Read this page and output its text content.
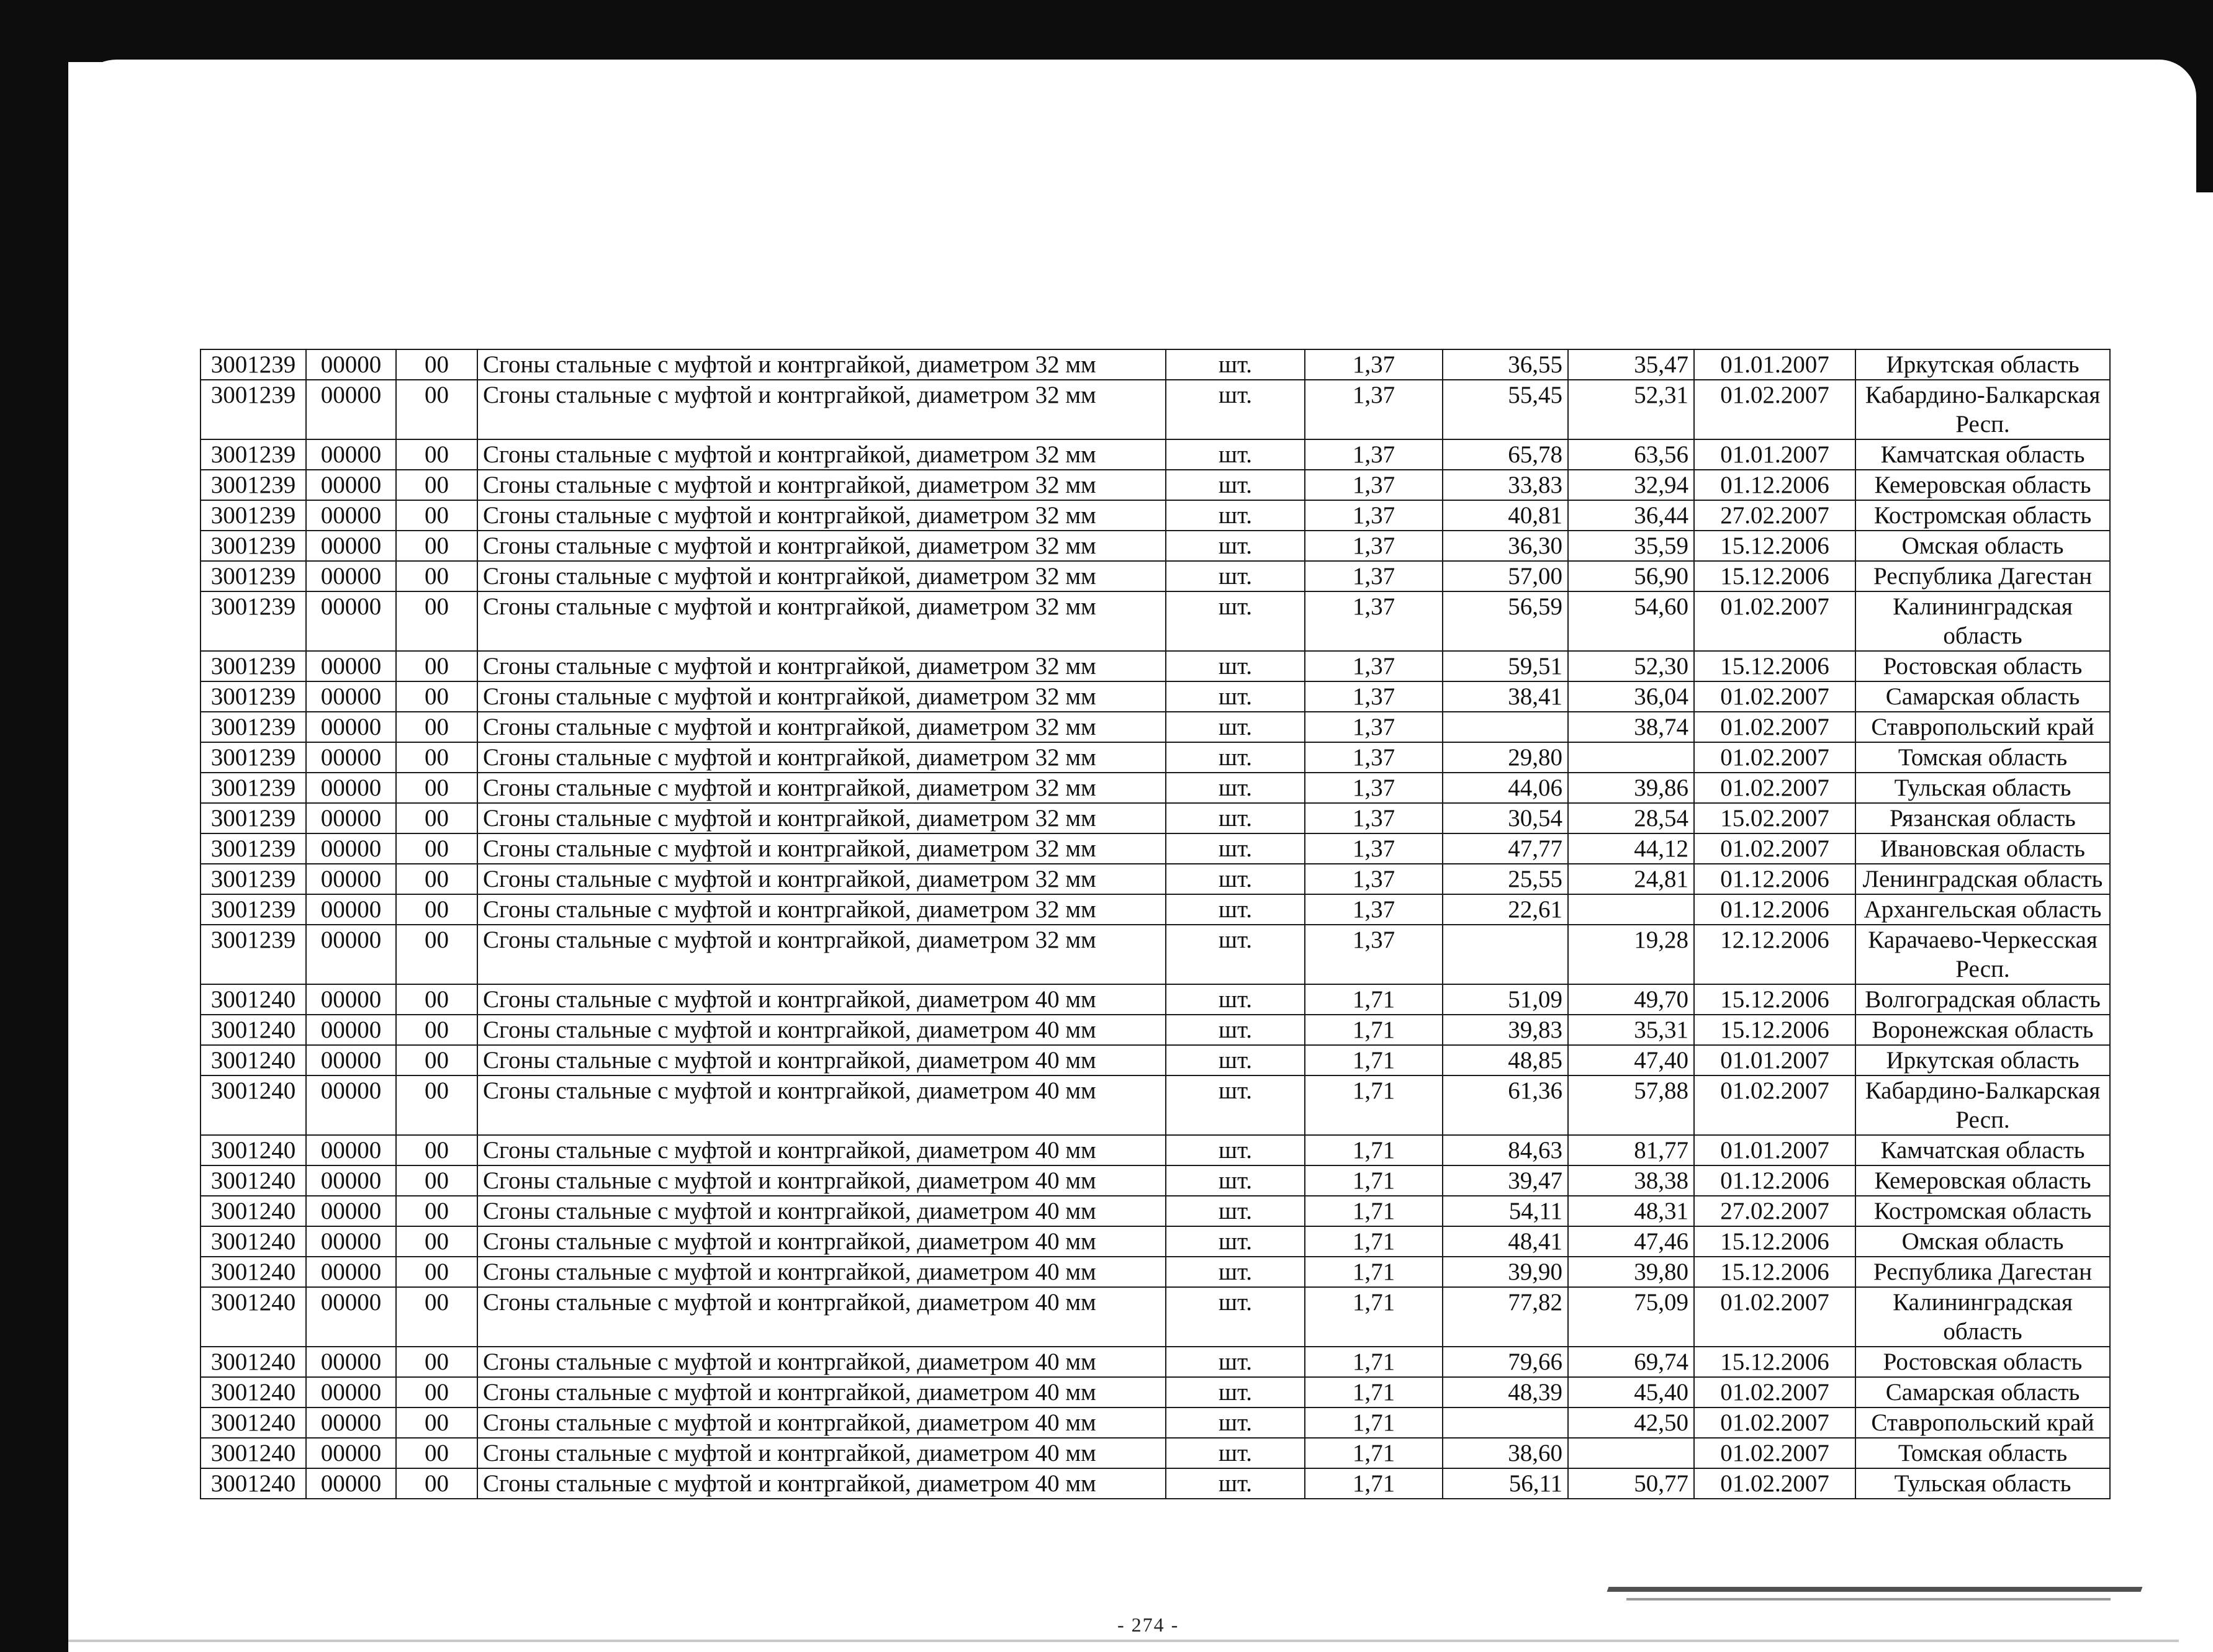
3001239	00000	00	Сгоны стальные с муфтой и контргайкой, диаметром 32 мм	шт.	1,37	36,55	35,47	01.01.2007	Иркутская область
3001239	00000	00	Сгоны стальные с муфтой и контргайкой, диаметром 32 мм	шт.	1,37	55,45	52,31	01.02.2007	Кабардино-Балкарская Респ.
3001239	00000	00	Сгоны стальные с муфтой и контргайкой, диаметром 32 мм	шт.	1,37	65,78	63,56	01.01.2007	Камчатская область
3001239	00000	00	Сгоны стальные с муфтой и контргайкой, диаметром 32 мм	шт.	1,37	33,83	32,94	01.12.2006	Кемеровская область
3001239	00000	00	Сгоны стальные с муфтой и контргайкой, диаметром 32 мм	шт.	1,37	40,81	36,44	27.02.2007	Костромская область
3001239	00000	00	Сгоны стальные с муфтой и контргайкой, диаметром 32 мм	шт.	1,37	36,30	35,59	15.12.2006	Омская область
3001239	00000	00	Сгоны стальные с муфтой и контргайкой, диаметром 32 мм	шт.	1,37	57,00	56,90	15.12.2006	Республика Дагестан
3001239	00000	00	Сгоны стальные с муфтой и контргайкой, диаметром 32 мм	шт.	1,37	56,59	54,60	01.02.2007	Калининградская область
3001239	00000	00	Сгоны стальные с муфтой и контргайкой, диаметром 32 мм	шт.	1,37	59,51	52,30	15.12.2006	Ростовская область
3001239	00000	00	Сгоны стальные с муфтой и контргайкой, диаметром 32 мм	шт.	1,37	38,41	36,04	01.02.2007	Самарская область
3001239	00000	00	Сгоны стальные с муфтой и контргайкой, диаметром 32 мм	шт.	1,37		38,74	01.02.2007	Ставропольский край
3001239	00000	00	Сгоны стальные с муфтой и контргайкой, диаметром 32 мм	шт.	1,37	29,80		01.02.2007	Томская область
3001239	00000	00	Сгоны стальные с муфтой и контргайкой, диаметром 32 мм	шт.	1,37	44,06	39,86	01.02.2007	Тульская область
3001239	00000	00	Сгоны стальные с муфтой и контргайкой, диаметром 32 мм	шт.	1,37	30,54	28,54	15.02.2007	Рязанская область
3001239	00000	00	Сгоны стальные с муфтой и контргайкой, диаметром 32 мм	шт.	1,37	47,77	44,12	01.02.2007	Ивановская область
3001239	00000	00	Сгоны стальные с муфтой и контргайкой, диаметром 32 мм	шт.	1,37	25,55	24,81	01.12.2006	Ленинградская область
3001239	00000	00	Сгоны стальные с муфтой и контргайкой, диаметром 32 мм	шт.	1,37	22,61		01.12.2006	Архангельская область
3001239	00000	00	Сгоны стальные с муфтой и контргайкой, диаметром 32 мм	шт.	1,37		19,28	12.12.2006	Карачаево-Черкесская Респ.
3001240	00000	00	Сгоны стальные с муфтой и контргайкой, диаметром 40 мм	шт.	1,71	51,09	49,70	15.12.2006	Волгоградская область
3001240	00000	00	Сгоны стальные с муфтой и контргайкой, диаметром 40 мм	шт.	1,71	39,83	35,31	15.12.2006	Воронежская область
3001240	00000	00	Сгоны стальные с муфтой и контргайкой, диаметром 40 мм	шт.	1,71	48,85	47,40	01.01.2007	Иркутская область
3001240	00000	00	Сгоны стальные с муфтой и контргайкой, диаметром 40 мм	шт.	1,71	61,36	57,88	01.02.2007	Кабардино-Балкарская Респ.
3001240	00000	00	Сгоны стальные с муфтой и контргайкой, диаметром 40 мм	шт.	1,71	84,63	81,77	01.01.2007	Камчатская область
3001240	00000	00	Сгоны стальные с муфтой и контргайкой, диаметром 40 мм	шт.	1,71	39,47	38,38	01.12.2006	Кемеровская область
3001240	00000	00	Сгоны стальные с муфтой и контргайкой, диаметром 40 мм	шт.	1,71	54,11	48,31	27.02.2007	Костромская область
3001240	00000	00	Сгоны стальные с муфтой и контргайкой, диаметром 40 мм	шт.	1,71	48,41	47,46	15.12.2006	Омская область
3001240	00000	00	Сгоны стальные с муфтой и контргайкой, диаметром 40 мм	шт.	1,71	39,90	39,80	15.12.2006	Республика Дагестан
3001240	00000	00	Сгоны стальные с муфтой и контргайкой, диаметром 40 мм	шт.	1,71	77,82	75,09	01.02.2007	Калининградская область
3001240	00000	00	Сгоны стальные с муфтой и контргайкой, диаметром 40 мм	шт.	1,71	79,66	69,74	15.12.2006	Ростовская область
3001240	00000	00	Сгоны стальные с муфтой и контргайкой, диаметром 40 мм	шт.	1,71	48,39	45,40	01.02.2007	Самарская область
3001240	00000	00	Сгоны стальные с муфтой и контргайкой, диаметром 40 мм	шт.	1,71		42,50	01.02.2007	Ставропольский край
3001240	00000	00	Сгоны стальные с муфтой и контргайкой, диаметром 40 мм	шт.	1,71	38,60		01.02.2007	Томская область
3001240	00000	00	Сгоны стальные с муфтой и контргайкой, диаметром 40 мм	шт.	1,71	56,11	50,77	01.02.2007	Тульская область
- 274 -
